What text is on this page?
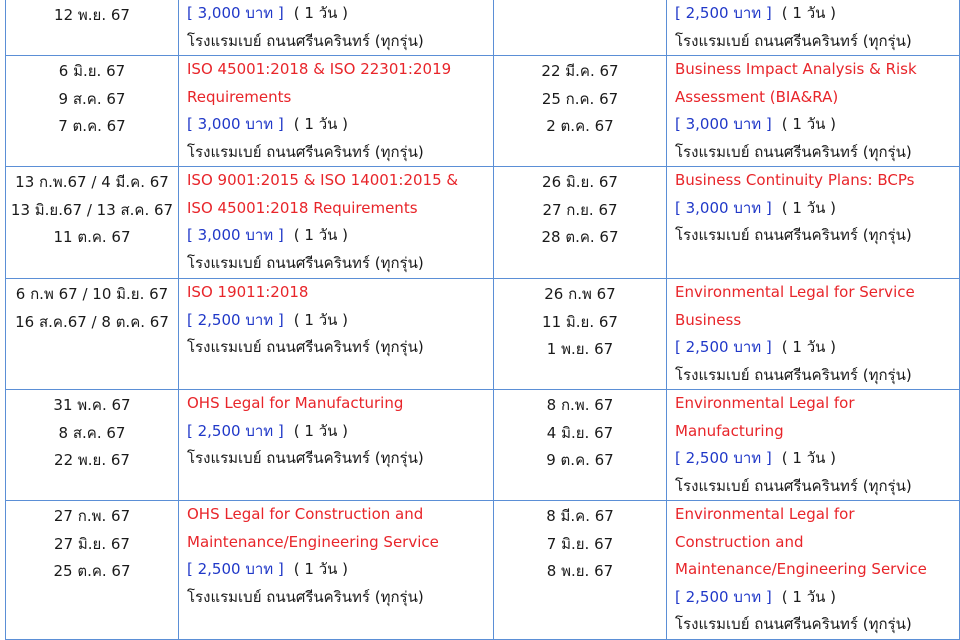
12 พ.ย. 67	[ 3,000 บาท ] ( 1 วัน )
โรงแรมเบย์ ถนนศรีนครินทร์ (ทุกรุ่น)		[ 2,500 บาท ] ( 1 วัน )
โรงแรมเบย์ ถนนศรีนครินทร์ (ทุกรุ่น)

6 มิ.ย. 67
9 ส.ค. 67
7 ต.ค. 67	ISO 45001:2018 & ISO 22301:2019
Requirements
[ 3,000 บาท ] ( 1 วัน )
โรงแรมเบย์ ถนนศรีนครินทร์ (ทุกรุ่น)	22 มี.ค. 67
25 ก.ค. 67
2 ต.ค. 67	Business Impact Analysis & Risk
Assessment (BIA&RA)
[ 3,000 บาท ] ( 1 วัน )
โรงแรมเบย์ ถนนศรีนครินทร์ (ทุกรุ่น)

13 ก.พ.67 / 4 มี.ค. 67
13 มิ.ย.67 / 13 ส.ค. 67
11 ต.ค. 67	ISO 9001:2015 & ISO 14001:2015 &
ISO 45001:2018 Requirements
[ 3,000 บาท ] ( 1 วัน )
โรงแรมเบย์ ถนนศรีนครินทร์ (ทุกรุ่น)	26 มิ.ย. 67
27 ก.ย. 67
28 ต.ค. 67	Business Continuity Plans: BCPs
[ 3,000 บาท ] ( 1 วัน )
โรงแรมเบย์ ถนนศรีนครินทร์ (ทุกรุ่น)

6 ก.พ 67 / 10 มิ.ย. 67
16 ส.ค.67 / 8 ต.ค. 67	ISO 19011:2018
[ 2,500 บาท ] ( 1 วัน )
โรงแรมเบย์ ถนนศรีนครินทร์ (ทุกรุ่น)	26 ก.พ 67
11 มิ.ย. 67
1 พ.ย. 67	Environmental Legal for Service
Business
[ 2,500 บาท ] ( 1 วัน )
โรงแรมเบย์ ถนนศรีนครินทร์ (ทุกรุ่น)

31 พ.ค. 67
8 ส.ค. 67
22 พ.ย. 67	OHS Legal for Manufacturing
[ 2,500 บาท ] ( 1 วัน )
โรงแรมเบย์ ถนนศรีนครินทร์ (ทุกรุ่น)	8 ก.พ. 67
4 มิ.ย. 67
9 ต.ค. 67	Environmental Legal for
Manufacturing
[ 2,500 บาท ] ( 1 วัน )
โรงแรมเบย์ ถนนศรีนครินทร์ (ทุกรุ่น)

27 ก.พ. 67
27 มิ.ย. 67
25 ต.ค. 67	OHS Legal for Construction and
Maintenance/Engineering Service
[ 2,500 บาท ] ( 1 วัน )
โรงแรมเบย์ ถนนศรีนครินทร์ (ทุกรุ่น)	8 มี.ค. 67
7 มิ.ย. 67
8 พ.ย. 67	Environmental Legal for
Construction and
Maintenance/Engineering Service
[ 2,500 บาท ] ( 1 วัน )
โรงแรมเบย์ ถนนศรีนครินทร์ (ทุกรุ่น)
